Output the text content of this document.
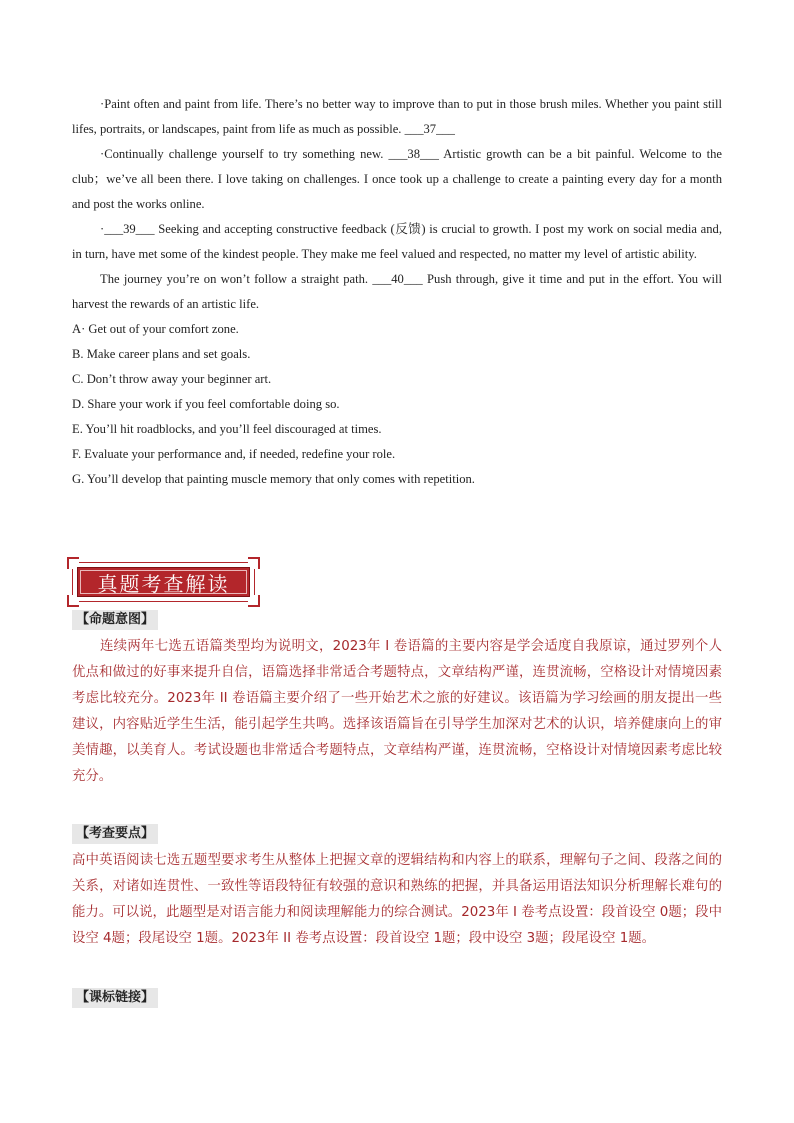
·Paint often and paint from life. There’s no better way to improve than to put in those brush miles. Whether you paint still lifes, portraits, or landscapes, paint from life as much as possible. ___37___

·Continually challenge yourself to try something new. ___38___ Artistic growth can be a bit painful. Welcome to the club；we’ve all been there. I love taking on challenges. I once took up a challenge to create a painting every day for a month and post the works online.

·___39___ Seeking and accepting constructive feedback (反馈) is crucial to growth. I post my work on social media and, in turn, have met some of the kindest people. They make me feel valued and respected, no matter my level of artistic ability.

The journey you’re on won’t follow a straight path. ___40___ Push through, give it time and put in the effort. You will harvest the rewards of an artistic life.

A· Get out of your comfort zone.

B. Make career plans and set goals.

C. Don’t throw away your beginner art.

D. Share your work if you feel comfortable doing so.

E. You’ll hit roadblocks, and you’ll feel discouraged at times.

F. Evaluate your performance and, if needed, redefine your role.

G. You’ll develop that painting muscle memory that only comes with repetition.

真题考查解读
【命题意图】

连续两年七选五语篇类型均为说明文，2023年 I 卷语篇的主要内容是学会适度自我原谅，通过罗列个人优点和做过的好事来提升自信，语篇选择非常适合考题特点，文章结构严谨，连贯流畅，空格设计对情境因素考虑比较充分。2023年 II 卷语篇主要介绍了一些开始艺术之旅的好建议。该语篇为学习绘画的朋友提出一些建议，内容贴近学生生活，能引起学生共鸣。选择该语篇旨在引导学生加深对艺术的认识，培养健康向上的审美情趣，以美育人。考试设题也非常适合考题特点，文章结构严谨，连贯流畅，空格设计对情境因素考虑比较充分。

【考查要点】

高中英语阅读七选五题型要求考生从整体上把握文章的逻辑结构和内容上的联系，理解句子之间、段落之间的关系，对诸如连贯性、一致性等语段特征有较强的意识和熟练的把握，并具备运用语法知识分析理解长难句的能力。可以说，此题型是对语言能力和阅读理解能力的综合测试。2023年 I 卷考点设置：段首设空 0题；段中设空 4题；段尾设空 1题。2023年 II 卷考点设置：段首设空 1题；段中设空 3题；段尾设空 1题。

【课标链接】
